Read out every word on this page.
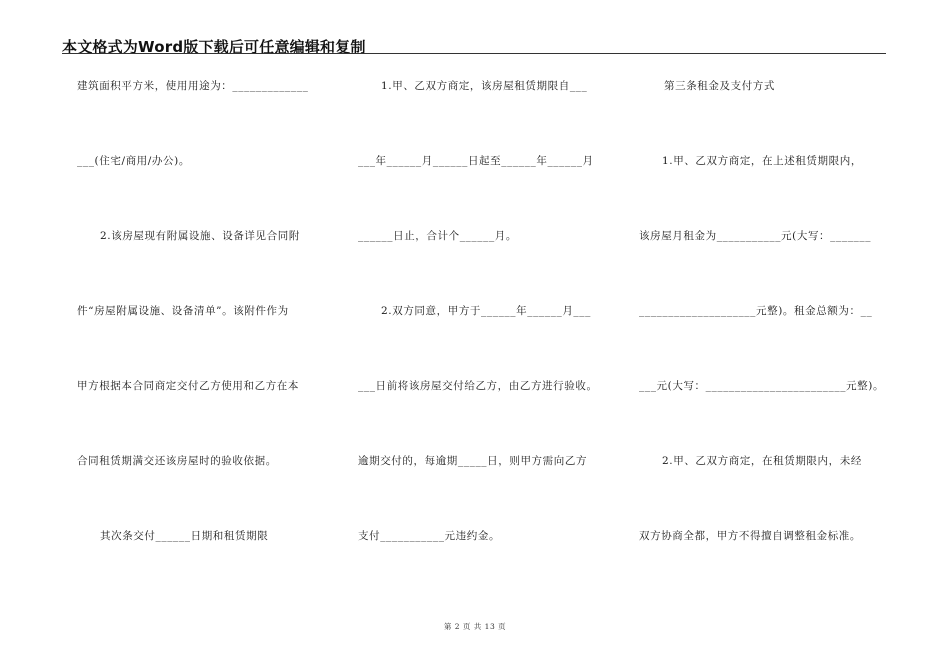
本文格式为Word版下载后可任意编辑和复制
建筑面积平方米，使用用途为：_____________
___(住宅/商用/办公)。
2.该房屋现有附属设施、设备详见合同附
件“房屋附属设施、设备清单”。该附件作为
甲方根据本合同商定交付乙方使用和乙方在本
合同租赁期满交还该房屋时的验收依据。
其次条交付______日期和租赁期限
1.甲、乙双方商定，该房屋租赁期限自___
___年______月______日起至______年______月
______日止，合计个______月。
2.双方同意，甲方于______年______月___
___日前将该房屋交付给乙方，由乙方进行验收。
逾期交付的，每逾期_____日，则甲方需向乙方
支付___________元违约金。
第三条租金及支付方式
1.甲、乙双方商定，在上述租赁期限内，
该房屋月租金为___________元(大写：_______
____________________元整)。租金总额为：__
___元(大写：________________________元整)。
2.甲、乙双方商定，在租赁期限内，未经
双方协商全都，甲方不得擅自调整租金标准。
第 2 页 共 13 页
